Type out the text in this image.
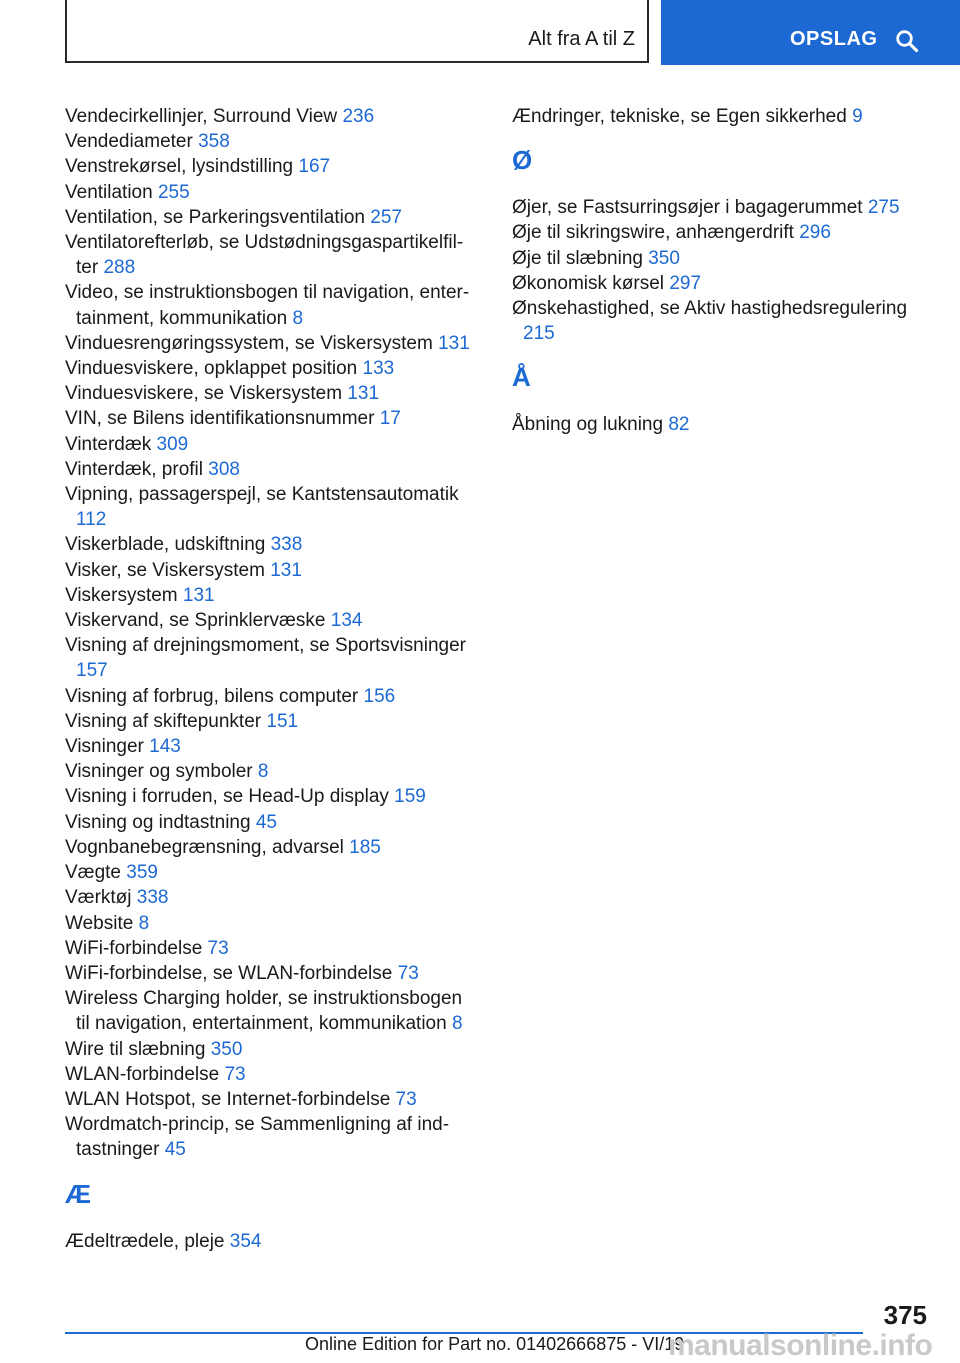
Alt fra A til Z	OPSLAG
Vendecirkellinjer, Surround View 236
Vendediameter 358
Venstrekørsel, lysindstilling 167
Ventilation 255
Ventilation, se Parkeringsventilation 257
Ventilatorefterløb, se Udstødningsgaspartikelfilter 288
Video, se instruktionsbogen til navigation, entertainment, kommunikation 8
Vinduesrengøringssystem, se Viskersystem 131
Vinduesviskere, opklappet position 133
Vinduesviskere, se Viskersystem 131
VIN, se Bilens identifikationsnummer 17
Vinterdæk 309
Vinterdæk, profil 308
Vipning, passagerspejl, se Kantstensautomatik 112
Viskerblade, udskiftning 338
Visker, se Viskersystem 131
Viskersystem 131
Viskervand, se Sprinklervæske 134
Visning af drejningsmoment, se Sportsvisninger 157
Visning af forbrug, bilens computer 156
Visning af skiftepunkter 151
Visninger 143
Visninger og symboler 8
Visning i forruden, se Head-Up display 159
Visning og indtastning 45
Vognbanebegrænsning, advarsel 185
Vægte 359
Værktøj 338
Website 8
WiFi-forbindelse 73
WiFi-forbindelse, se WLAN-forbindelse 73
Wireless Charging holder, se instruktionsbogen til navigation, entertainment, kommunikation 8
Wire til slæbning 350
WLAN-forbindelse 73
WLAN Hotspot, se Internet-forbindelse 73
Wordmatch-princip, se Sammenligning af indtastninger 45
Æ
Ædeltrædele, pleje 354
Ændringer, tekniske, se Egen sikkerhed 9
Ø
Øjer, se Fastsurringsøjer i bagagerummet 275
Øje til sikringswire, anhængerdrift 296
Øje til slæbning 350
Økonomisk kørsel 297
Ønskehastighed, se Aktiv hastighedsregulering 215
Å
Åbning og lukning 82
375
Online Edition for Part no. 01402666875 - VI/19
manualsonline.info
